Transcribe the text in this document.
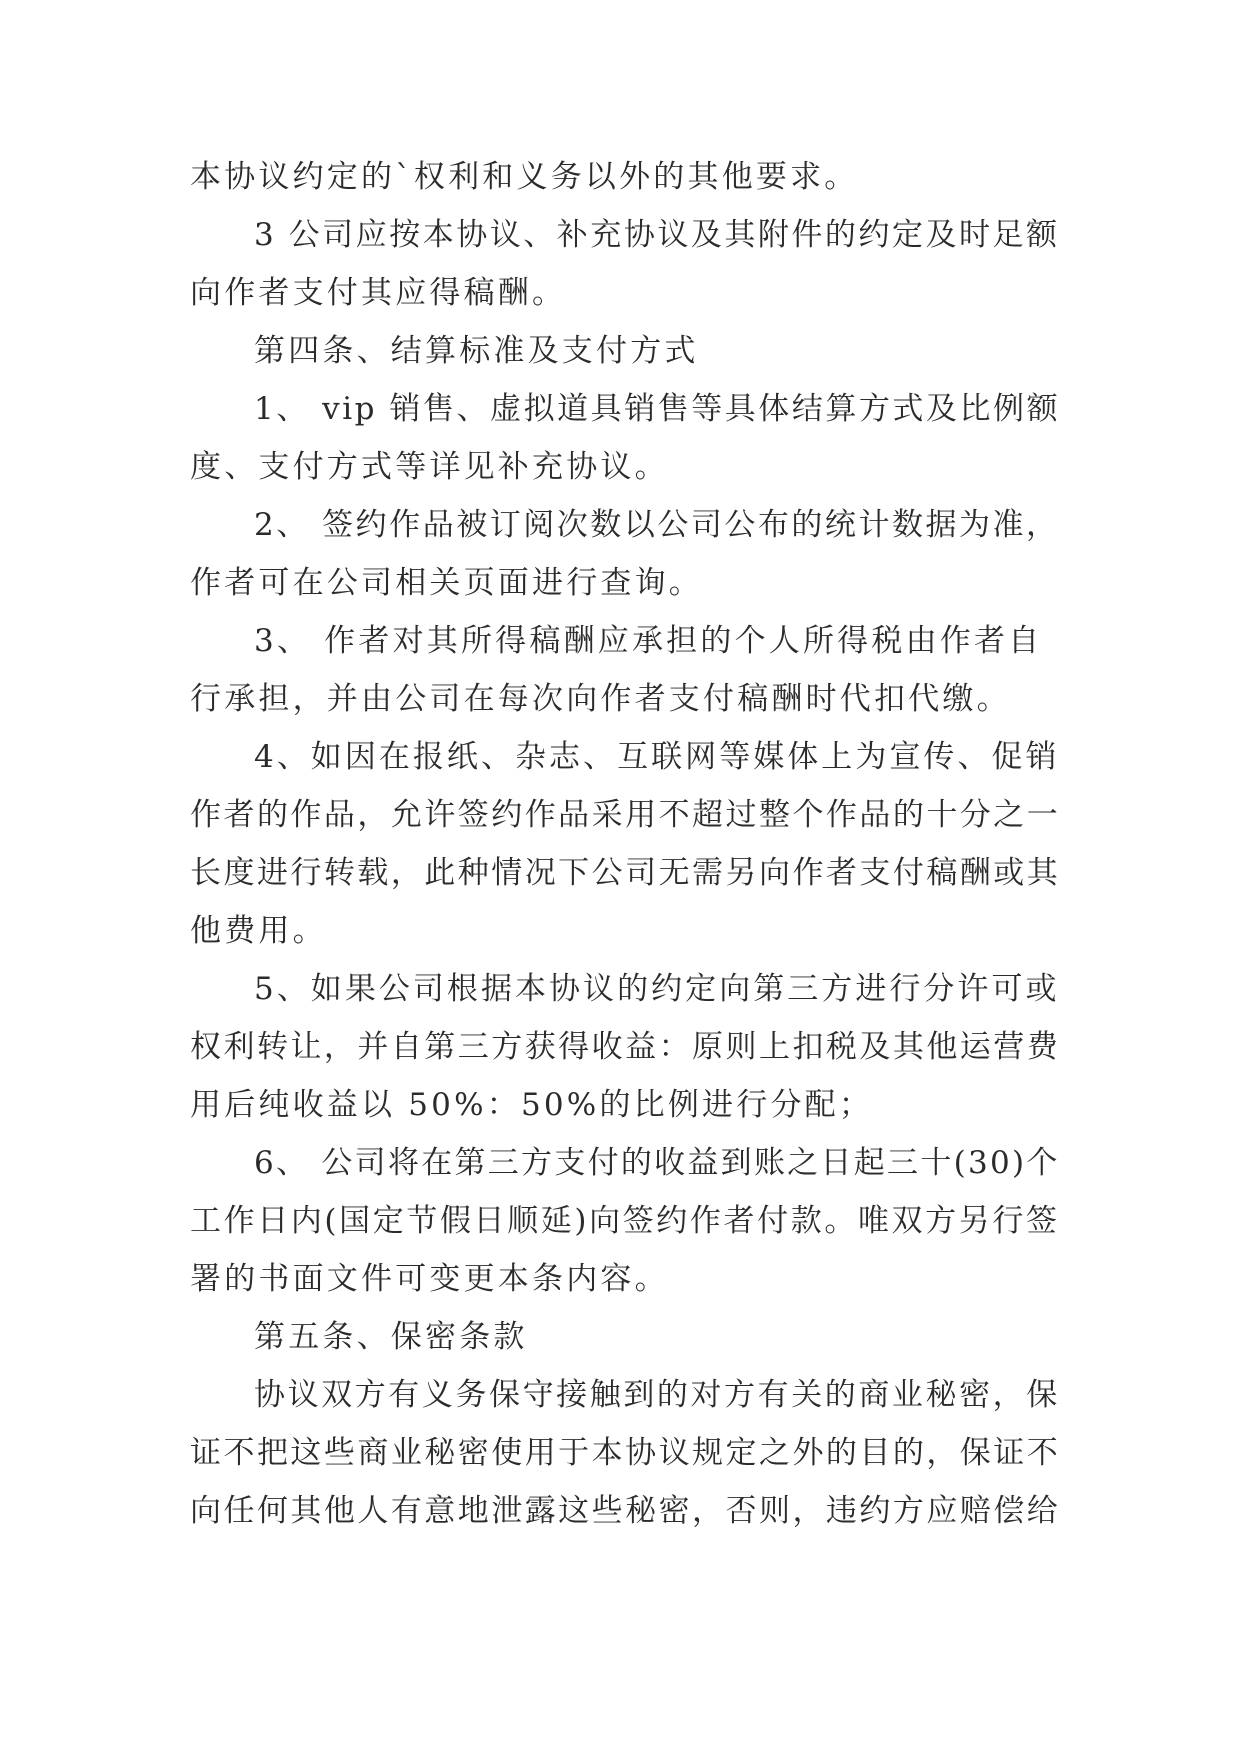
本协议约定的`权利和义务以外的其他要求。
3 公司应按本协议、补充协议及其附件的约定及时足额
向作者支付其应得稿酬。
第四条、结算标准及支付方式
1、 vip 销售、虚拟道具销售等具体结算方式及比例额
度、支付方式等详见补充协议。
2、 签约作品被订阅次数以公司公布的统计数据为准，
作者可在公司相关页面进行查询。
3、 作者对其所得稿酬应承担的个人所得税由作者自
行承担，并由公司在每次向作者支付稿酬时代扣代缴。
4、如因在报纸、杂志、互联网等媒体上为宣传、促销
作者的作品，允许签约作品采用不超过整个作品的十分之一
长度进行转载，此种情况下公司无需另向作者支付稿酬或其
他费用。
5、如果公司根据本协议的约定向第三方进行分许可或
权利转让，并自第三方获得收益：原则上扣税及其他运营费
用后纯收益以 50%：50%的比例进行分配；
6、 公司将在第三方支付的收益到账之日起三十(30)个
工作日内(国定节假日顺延)向签约作者付款。唯双方另行签
署的书面文件可变更本条内容。
第五条、保密条款
协议双方有义务保守接触到的对方有关的商业秘密，保
证不把这些商业秘密使用于本协议规定之外的目的，保证不
向任何其他人有意地泄露这些秘密，否则，违约方应赔偿给
